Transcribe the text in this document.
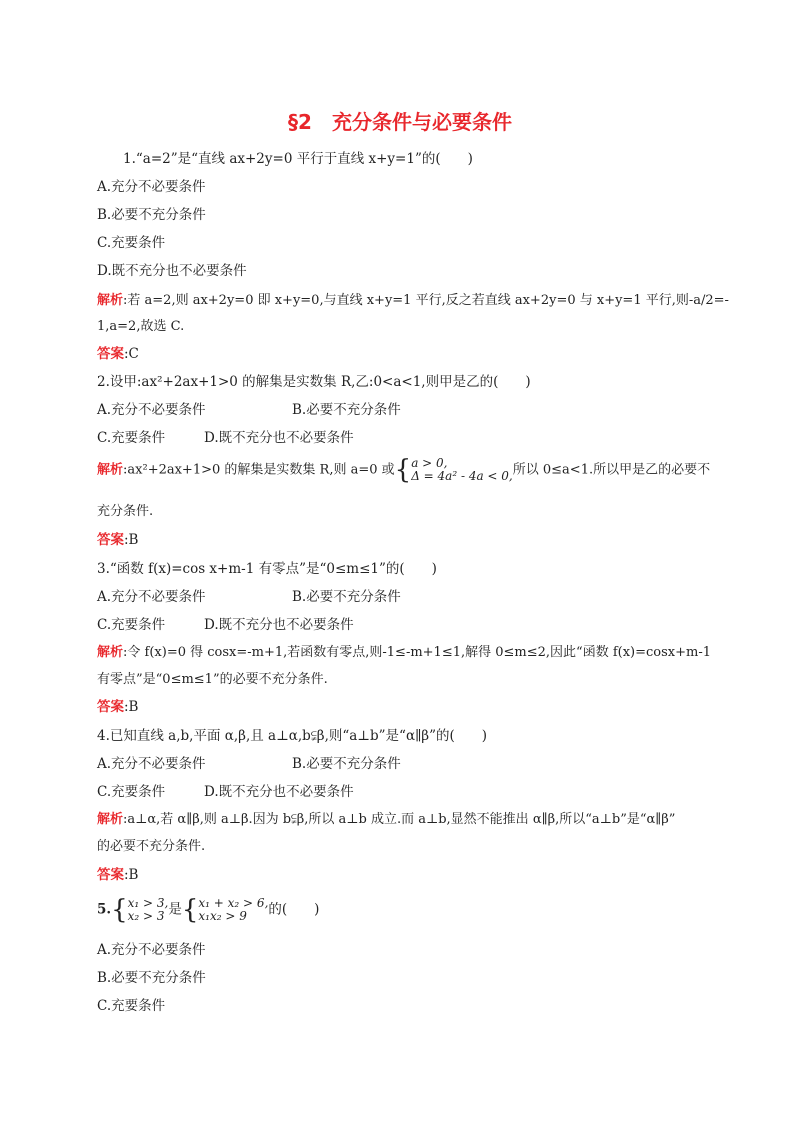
§2　充分条件与必要条件
1.“a=2”是“直线 ax+2y=0 平行于直线 x+y=1”的(　　)
A.充分不必要条件
B.必要不充分条件
C.充要条件
D.既不充分也不必要条件
解析:若 a=2,则 ax+2y=0 即 x+y=0,与直线 x+y=1 平行,反之若直线 ax+2y=0 与 x+y=1 平行,则-a/2=-
1,a=2,故选 C.
答案:C
2.设甲:ax²+2ax+1>0 的解集是实数集 R,乙:0<a<1,则甲是乙的(　　)
A.充分不必要条件	B.必要不充分条件
C.充要条件	D.既不充分也不必要条件
解析:ax²+2ax+1>0 的解集是实数集 R,则 a=0 或{a > 0,
Δ = 4a² - 4a < 0,所以 0≤a<1.所以甲是乙的必要不
充分条件.
答案:B
3.“函数 f(x)=cos x+m-1 有零点”是“0≤m≤1”的(　　)
A.充分不必要条件	B.必要不充分条件
C.充要条件	D.既不充分也不必要条件
解析:令 f(x)=0 得 cosx=-m+1,若函数有零点,则-1≤-m+1≤1,解得 0≤m≤2,因此“函数 f(x)=cosx+m-1
有零点”是“0≤m≤1”的必要不充分条件.
答案:B
4.已知直线 a,b,平面 α,β,且 a⊥α,b⫋β,则“a⊥b”是“α∥β”的(　　)
A.充分不必要条件	B.必要不充分条件
C.充要条件	D.既不充分也不必要条件
解析:a⊥α,若 α∥β,则 a⊥β.因为 b⫋β,所以 a⊥b 成立.而 a⊥b,显然不能推出 α∥β,所以“a⊥b”是“α∥β”
的必要不充分条件.
答案:B
5.{x₁ > 3,
x₂ > 3 是{x₁ + x₂ > 6,
x₁x₂ > 9 的(　　)
A.充分不必要条件
B.必要不充分条件
C.充要条件
